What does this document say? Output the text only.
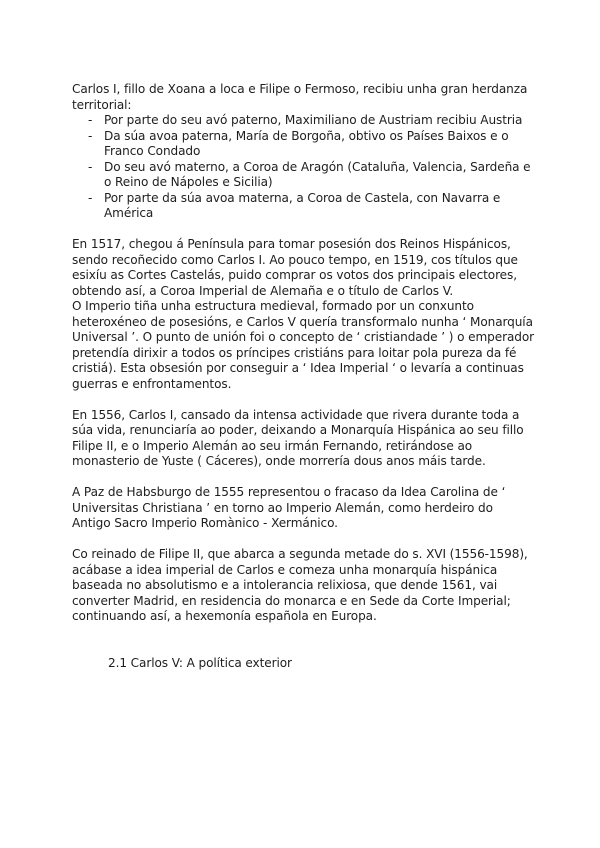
Carlos I, fillo de Xoana a loca e Filipe o Fermoso, recibiu unha gran herdanza territorial:

- Por parte do seu avó paterno, Maximiliano de Austriam recibiu Austria
- Da súa avoa paterna, María de Borgoña, obtivo os Países Baixos e o Franco Condado
- Do seu avó materno, a Coroa de Aragón (Cataluña, Valencia, Sardeña e o Reino de Nápoles e Sicilia)
- Por parte da súa avoa materna, a Coroa de Castela, con Navarra e América

En 1517, chegou á Península para tomar posesión dos Reinos Hispánicos, sendo recoñecido como Carlos I. Ao pouco tempo, en 1519, cos títulos que esixíu as Cortes Castelás, puido comprar os votos dos principais electores, obtendo así, a Coroa Imperial de Alemaña e o título de Carlos V.

O Imperio tiña unha estructura medieval, formado por un conxunto heteroxéneo de posesións, e Carlos V quería transformalo nunha ‘ Monarquía Universal ’. O punto de unión foi o concepto de ‘ cristiandade ’ ) o emperador pretendía dirixir a todos os príncipes cristiáns para loitar pola pureza da fé cristiá). Esta obsesión por conseguir a ‘ Idea Imperial ‘ o levaría a continuas guerras e enfrontamentos.

En 1556, Carlos I, cansado da intensa actividade que rivera durante toda a súa vida, renunciaría ao poder, deixando a Monarquía Hispánica ao seu fillo Filipe II, e o Imperio Alemán ao seu irmán Fernando, retirándose ao monasterio de Yuste ( Cáceres), onde morrería dous anos máis tarde.

A Paz de Habsburgo de 1555 representou o fracaso da Idea Carolina de ‘ Universitas Christiana ’ en torno ao Imperio Alemán, como herdeiro do Antigo Sacro Imperio Romànico - Xermánico.

Co reinado de Filipe II, que abarca a segunda metade do s. XVI (1556-1598), acábase a idea imperial de Carlos e comeza unha monarquía hispánica baseada no absolutismo e a intolerancia relixiosa, que dende 1561, vai converter Madrid, en residencia do monarca e en Sede da Corte Imperial; continuando así, a hexemonía española en Europa.

2.1 Carlos V: A política exterior
